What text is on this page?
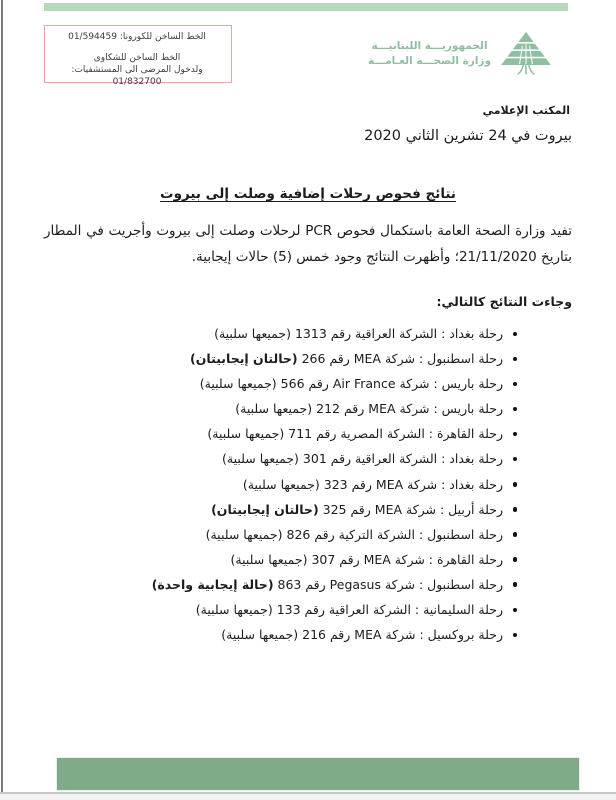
الخط الساخن للكورونا: 01/594459
الخط الساخن للشكاوى
ولدخول المرضى الى المستشفيات: 01/832700
الجمهوريـــة اللبنانيـــة
وزارة الصحـــة العـامـــة
المكتب الإعلامي
بيروت في 24 تشرين الثاني 2020
نتائج فحوص رحلات إضافية وصلت إلى بيروت

تفيد وزارة الصحة العامة باستكمال فحوص PCR لرحلات وصلت إلى بيروت وأجريت في المطار بتاريخ 21/11/2020؛ وأظهرت النتائج وجود خمس (5) حالات إيجابية.

وجاءت النتائج كالتالي:
رحلة بغداد : الشركة العراقية رقم 1313 (جميعها سلبية)
رحلة اسطنبول : شركة MEA رقم 266 (حالتان إيجابيتان)
رحلة باريس : شركة Air France رقم 566 (جميعها سلبية)
رحلة باريس : شركة MEA رقم 212 (جميعها سلبية)
رحلة القاهرة : الشركة المصرية رقم 711 (جميعها سلبية)
رحلة بغداد : الشركة العراقية رقم 301 (جميعها سلبية)
رحلة بغداد : شركة MEA رقم 323 (جميعها سلبية)
رحلة أربيل : شركة MEA رقم 325 (حالتان إيجابيتان)
رحلة اسطنبول : الشركة التركية رقم 826 (جميعها سلبية)
رحلة القاهرة : شركة MEA رقم 307 (جميعها سلبية)
رحلة اسطنبول : شركة Pegasus رقم 863 (حالة إيجابية واحدة)
رحلة السليمانية : الشركة العراقية رقم 133 (جميعها سلبية)
رحلة بروكسيل : شركة MEA رقم 216 (جميعها سلبية)
